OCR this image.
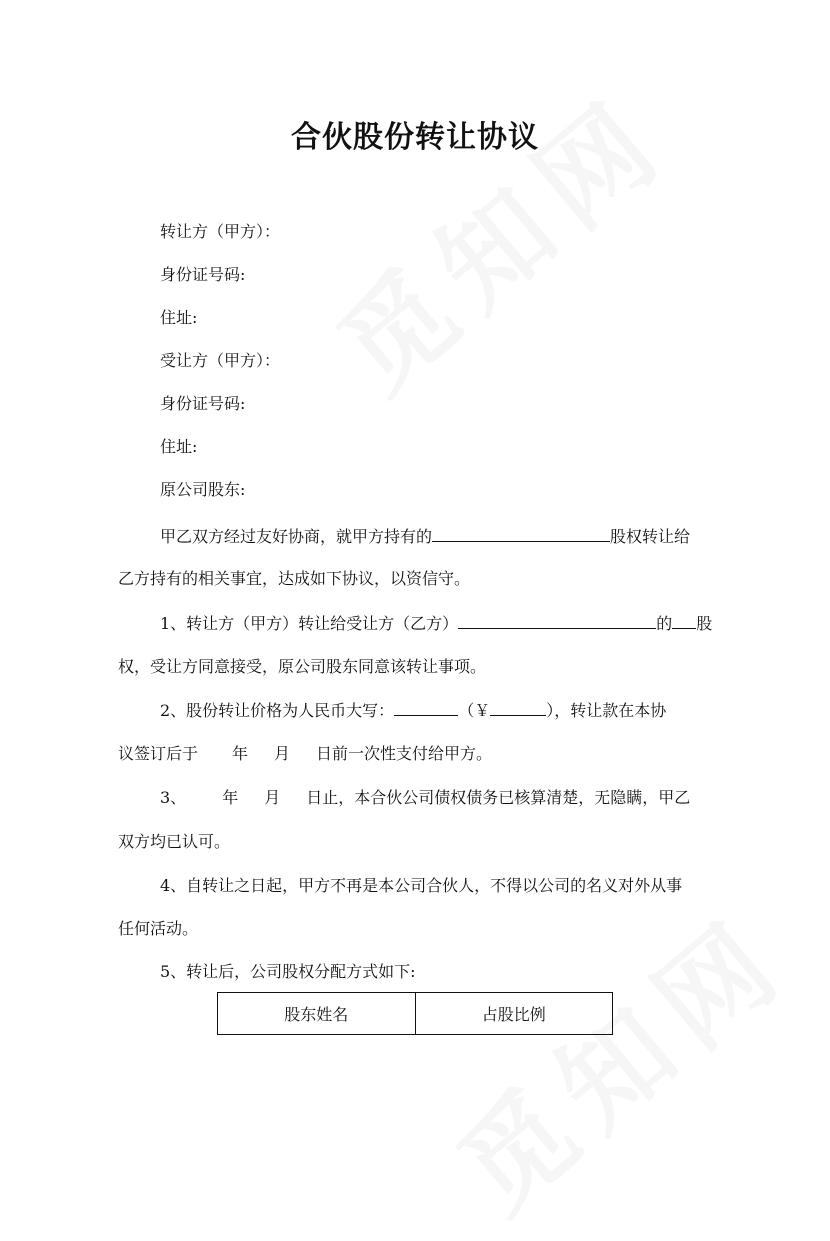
合伙股份转让协议
转让方（甲方）：
身份证号码:
住址:
受让方（甲方）：
身份证号码:
住址:
原公司股东:
甲乙双方经过友好协商，就甲方持有的	股权转让给
乙方持有的相关事宜，达成如下协议，以资信守。
1、转让方（甲方）转让给受让方（乙方）	的 股
权，受让方同意接受，原公司股东同意该转让事项。
2、股份转让价格为人民币大写：	（￥	），转让款在本协
议签订后于 年 月 日前一次性支付给甲方。
3、 年 月 日止，本合伙公司债权债务已核算清楚，无隐瞒，甲乙
双方均已认可。
4、自转让之日起，甲方不再是本公司合伙人，不得以公司的名义对外从事
任何活动。
5、转让后，公司股权分配方式如下:
股东姓名	占股比例
